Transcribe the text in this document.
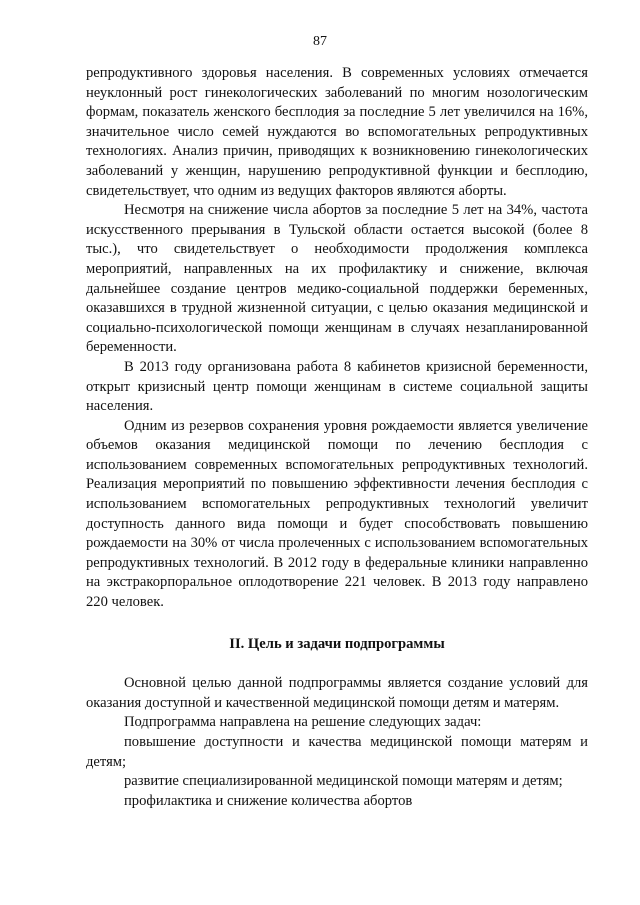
87

репродуктивного здоровья населения. В современных условиях отмечается неуклонный рост гинекологических заболеваний по многим нозологическим формам, показатель женского бесплодия за последние 5 лет увеличился на 16%, значительное число семей нуждаются во вспомогательных репродуктивных технологиях. Анализ причин, приводящих к возникновению гинекологических заболеваний у женщин, нарушению репродуктивной функции и бесплодию, свидетельствует, что одним из ведущих факторов являются аборты.

Несмотря на снижение числа абортов за последние 5 лет на 34%, частота искусственного прерывания в Тульской области остается высокой (более 8 тыс.), что свидетельствует о необходимости продолжения комплекса мероприятий, направленных на их профилактику и снижение, включая дальнейшее создание центров медико-социальной поддержки беременных, оказавшихся в трудной жизненной ситуации, с целью оказания медицинской и социально-психологической помощи женщинам в случаях незапланированной беременности.

В 2013 году организована работа 8 кабинетов кризисной беременности, открыт кризисный центр помощи женщинам в системе социальной защиты населения.

Одним из резервов сохранения уровня рождаемости является увеличение объемов оказания медицинской помощи по лечению бесплодия с использованием современных вспомогательных репродуктивных технологий. Реализация мероприятий по повышению эффективности лечения бесплодия с использованием вспомогательных репродуктивных технологий увеличит доступность данного вида помощи и будет способствовать повышению рождаемости на 30% от числа пролеченных с использованием вспомогательных репродуктивных технологий. В 2012 году в федеральные клиники направленно на экстракорпоральное оплодотворение 221 человек. В 2013 году направлено 220 человек.

II. Цель и задачи подпрограммы

Основной целью данной подпрограммы является создание условий для оказания доступной и качественной медицинской помощи детям и матерям.

Подпрограмма направлена на решение следующих задач:

повышение доступности и качества медицинской помощи матерям и детям;

развитие специализированной медицинской помощи матерям и детям;

профилактика и снижение количества абортов
